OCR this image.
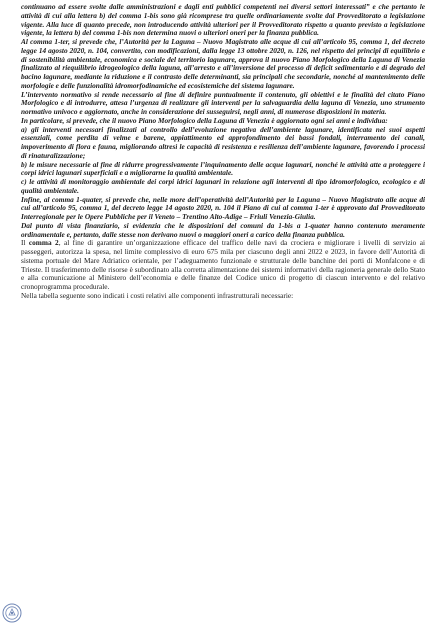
continuano ad essere svolte dalle amministrazioni e dagli enti pubblici competenti nei diversi settori interessati” e che pertanto le attività di cui alla lettera b) del comma 1-bis sono già ricomprese tra quelle ordinariamente svolte dal Provveditorato a legislazione vigente. Alla luce di quanto precede, non introducendo attività ulteriori per il Provveditorato rispetto a quanto previsto a legislazione vigente, la lettera b) del comma 1-bis non determina nuovi o ulteriori oneri per la finanza pubblica.

Al comma 1-ter, si prevede che, l’Autorità per la Laguna – Nuovo Magistrato alle acque di cui all’articolo 95, comma 1, del decreto legge 14 agosto 2020, n. 104, convertito, con modificazioni, dalla legge 13 ottobre 2020, n. 126, nel rispetto dei principi di equilibrio e di sostenibilità ambientale, economica e sociale del territorio lagunare, approva il nuovo Piano Morfologico della Laguna di Venezia finalizzato al riequilibrio idrogeologico della laguna, all’arresto e all’inversione del processo di deficit sedimentario e di degrado del bacino lagunare, mediante la riduzione e il contrasto delle determinanti, sia principali che secondarie, nonché al mantenimento delle morfologie e delle funzionalità idromorfodinamiche ed ecosistemiche del sistema lagunare.

L’intervento normativo si rende necessario al fine di definire puntualmente il contenuto, gli obiettivi e le finalità del citato Piano Morfologico e di introdurre, attesa l’urgenza di realizzare gli interventi per la salvaguardia della laguna di Venezia, uno strumento normativo univoco e aggiornato, anche in considerazione dei susseguirsi, negli anni, di numerose disposizioni in materia.

In particolare, si prevede, che il nuovo Piano Morfologico della Laguna di Venezia è aggiornato ogni sei anni e individua:

a) gli interventi necessari finalizzati al controllo dell’evoluzione negativa dell’ambiente lagunare, identificata nei suoi aspetti essenziali, come perdita di velme e barene, appiattimento ed approfondimento dei bassi fondali, interramento dei canali, impoverimento di flora e fauna, migliorando altresì le capacità di resistenza e resilienza dell’ambiente lagunare, favorendo i processi di rinaturalizzazione;

b) le misure necessarie al fine di ridurre progressivamente l’inquinamento delle acque lagunari, nonché le attività atte a proteggere i corpi idrici lagunari superficiali e a migliorarne la qualità ambientale.

c) le attività di monitoraggio ambientale dei corpi idrici lagunari in relazione agli interventi di tipo idromorfologico, ecologico e di qualità ambientale.

Infine, al comma 1-quater, si prevede che, nelle more dell’operatività dell’Autorità per la Laguna – Nuovo Magistrato alle acque di cui all’articolo 95, comma 1, del decreto legge 14 agosto 2020, n. 104 il Piano di cui al comma 1-ter è approvato dal Provveditorato Interregionale per le Opere Pubbliche per il Veneto – Trentino Alto-Adige – Friuli Venezia-Giulia.

Dal punto di vista finanziario, si evidenzia che le disposizioni del comuni da 1-bis a 1-quater hanno contenuto meramente ordinamentale e, pertanto, dalle stesse non derivano nuovi o maggiori oneri a carico della finanza pubblica.

Il comma 2, al fine di garantire un’organizzazione efficace del traffico delle navi da crociera e migliorare i livelli di servizio ai passeggeri, autorizza la spesa, nel limite complessivo di euro 675 mila per ciascuno degli anni 2022 e 2023, in favore dell’Autorità di sistema portuale del Mare Adriatico orientale, per l’adeguamento funzionale e strutturale delle banchine dei porti di Monfalcone e di Trieste. Il trasferimento delle risorse è subordinato alla corretta alimentazione dei sistemi informativi della ragioneria generale dello Stato e alla comunicazione al Ministero dell’economia e delle finanze del Codice unico di progetto di ciascun intervento e del relativo cronoprogramma procedurale.

Nella tabella seguente sono indicati i costi relativi alle componenti infrastrutturali necessarie:
